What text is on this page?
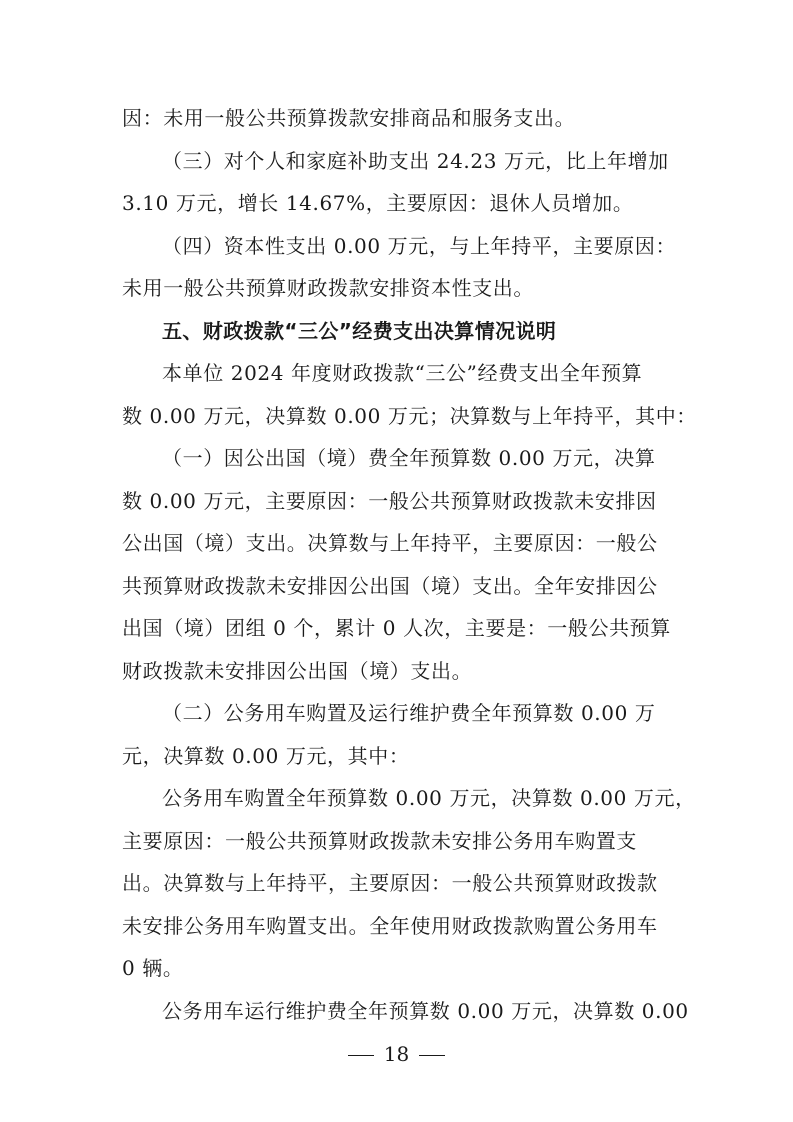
因：未用一般公共预算拨款安排商品和服务支出。
（三）对个人和家庭补助支出 24.23 万元，比上年增加
3.10 万元，增长 14.67%，主要原因：退休人员增加。
（四）资本性支出 0.00 万元，与上年持平，主要原因：
未用一般公共预算财政拨款安排资本性支出。
五、财政拨款“三公”经费支出决算情况说明
本单位 2024 年度财政拨款“三公”经费支出全年预算
数 0.00 万元，决算数 0.00 万元；决算数与上年持平，其中：
（一）因公出国（境）费全年预算数 0.00 万元，决算
数 0.00 万元，主要原因：一般公共预算财政拨款未安排因
公出国（境）支出。决算数与上年持平，主要原因：一般公
共预算财政拨款未安排因公出国（境）支出。全年安排因公
出国（境）团组 0 个，累计 0 人次，主要是：一般公共预算
财政拨款未安排因公出国（境）支出。
（二）公务用车购置及运行维护费全年预算数 0.00 万
元，决算数 0.00 万元，其中：
公务用车购置全年预算数 0.00 万元，决算数 0.00 万元，
主要原因：一般公共预算财政拨款未安排公务用车购置支
出。决算数与上年持平，主要原因：一般公共预算财政拨款
未安排公务用车购置支出。全年使用财政拨款购置公务用车
0 辆。
公务用车运行维护费全年预算数 0.00 万元，决算数 0.00
18
